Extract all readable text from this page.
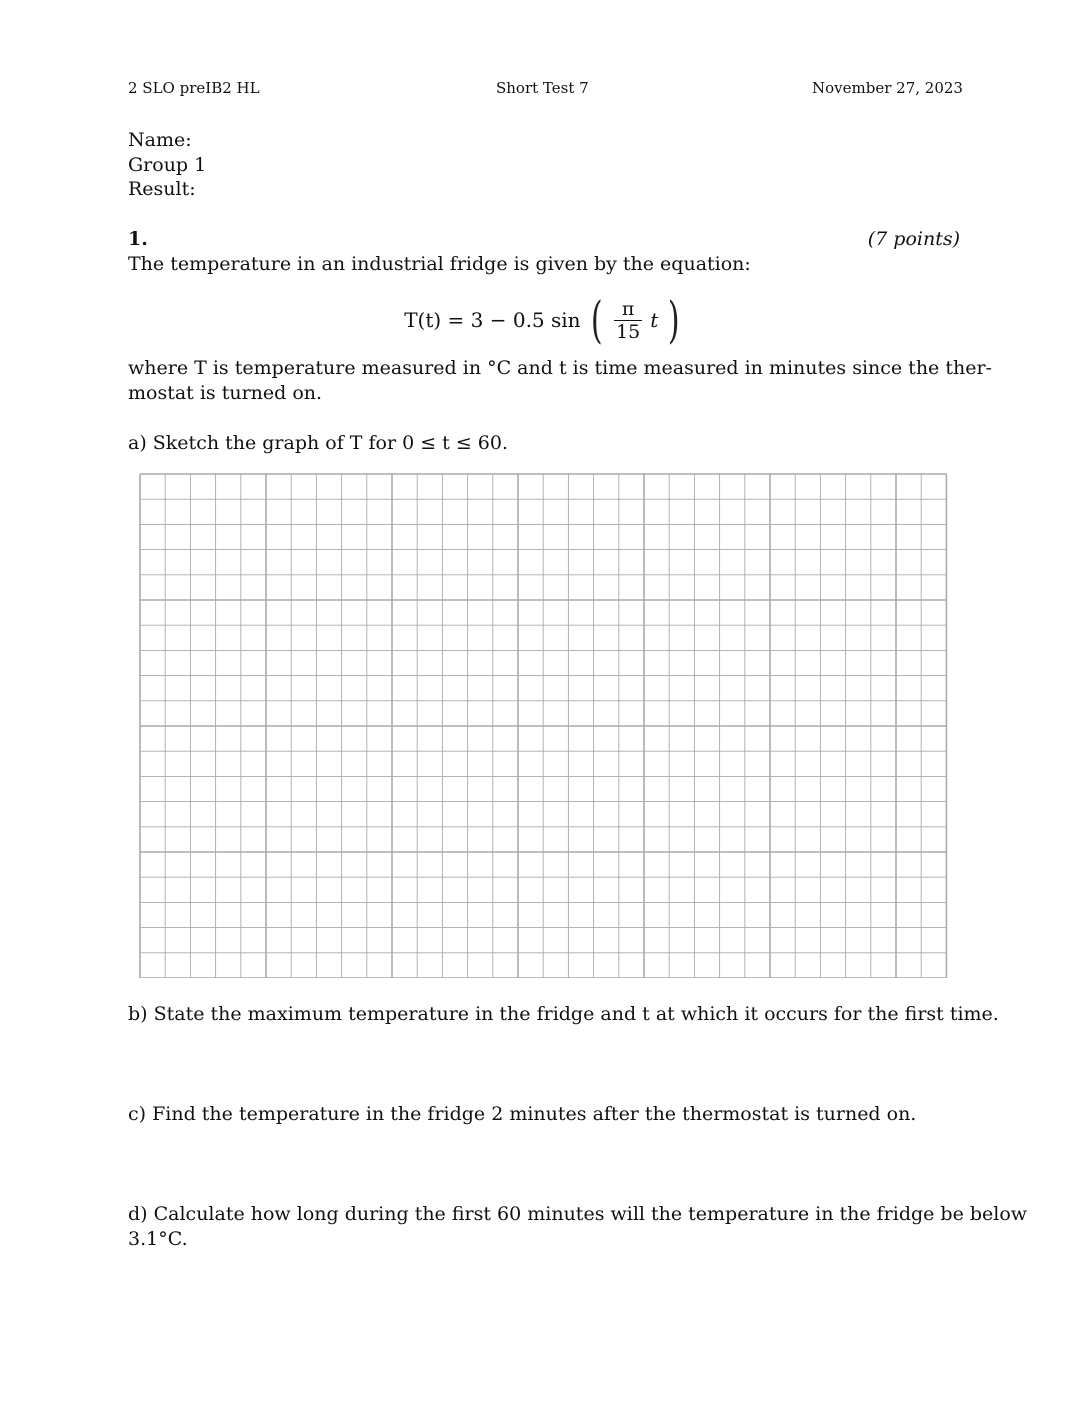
2 SLO preIB2 HL	Short Test 7	November 27, 2023
Name:
Group 1
Result:
1.	(7 points)
The temperature in an industrial fridge is given by the equation:
T(t) = 3 − 0.5 sin ( $\frac{\pi}{15}$ t )
where T is temperature measured in °C and t is time measured in minutes since the ther-
mostat is turned on.
a) Sketch the graph of T for 0 ≤ t ≤ 60.
b) State the maximum temperature in the fridge and t at which it occurs for the first time.
c) Find the temperature in the fridge 2 minutes after the thermostat is turned on.
d) Calculate how long during the first 60 minutes will the temperature in the fridge be below
3.1°C.
